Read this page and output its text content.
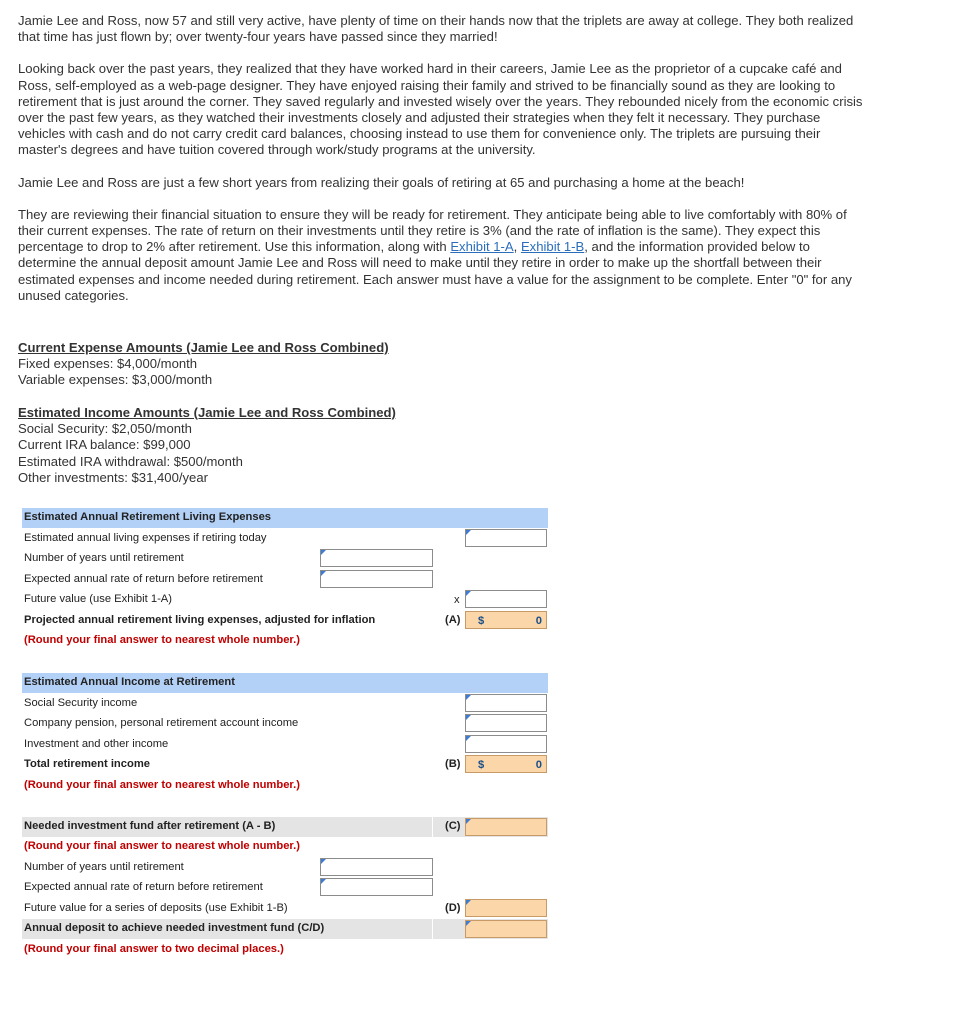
Jamie Lee and Ross, now 57 and still very active, have plenty of time on their hands now that the triplets are away at college. They both realized that time has just flown by; over twenty-four years have passed since they married!

Looking back over the past years, they realized that they have worked hard in their careers, Jamie Lee as the proprietor of a cupcake café and Ross, self-employed as a web-page designer. They have enjoyed raising their family and strived to be financially sound as they are looking to retirement that is just around the corner. They saved regularly and invested wisely over the years. They rebounded nicely from the economic crisis over the past few years, as they watched their investments closely and adjusted their strategies when they felt it necessary. They purchase vehicles with cash and do not carry credit card balances, choosing instead to use them for convenience only. The triplets are pursuing their master's degrees and have tuition covered through work/study programs at the university.

Jamie Lee and Ross are just a few short years from realizing their goals of retiring at 65 and purchasing a home at the beach!

They are reviewing their financial situation to ensure they will be ready for retirement. They anticipate being able to live comfortably with 80% of their current expenses. The rate of return on their investments until they retire is 3% (and the rate of inflation is the same). They expect this percentage to drop to 2% after retirement. Use this information, along with Exhibit 1-A, Exhibit 1-B, and the information provided below to determine the annual deposit amount Jamie Lee and Ross will need to make until they retire in order to make up the shortfall between their estimated expenses and income needed during retirement. Each answer must have a value for the assignment to be complete. Enter "0" for any unused categories.

Current Expense Amounts (Jamie Lee and Ross Combined)
Fixed expenses: $4,000/month
Variable expenses: $3,000/month
Estimated Income Amounts (Jamie Lee and Ross Combined)
Social Security: $2,050/month
Current IRA balance: $99,000
Estimated IRA withdrawal: $500/month
Other investments: $31,400/year
Estimated Annual Retirement Living Expenses
Estimated annual living expenses if retiring today
Number of years until retirement
Expected annual rate of return before retirement
Future value (use Exhibit 1-A)	x
Projected annual retirement living expenses, adjusted for inflation	(A) $	0
(Round your final answer to nearest whole number.)
Estimated Annual Income at Retirement
Social Security income
Company pension, personal retirement account income
Investment and other income
Total retirement income	(B) $	0
(Round your final answer to nearest whole number.)
Needed investment fund after retirement (A - B)	(C)
(Round your final answer to nearest whole number.)
Number of years until retirement
Expected annual rate of return before retirement
Future value for a series of deposits (use Exhibit 1-B)	(D)
Annual deposit to achieve needed investment fund (C/D)
(Round your final answer to two decimal places.)
